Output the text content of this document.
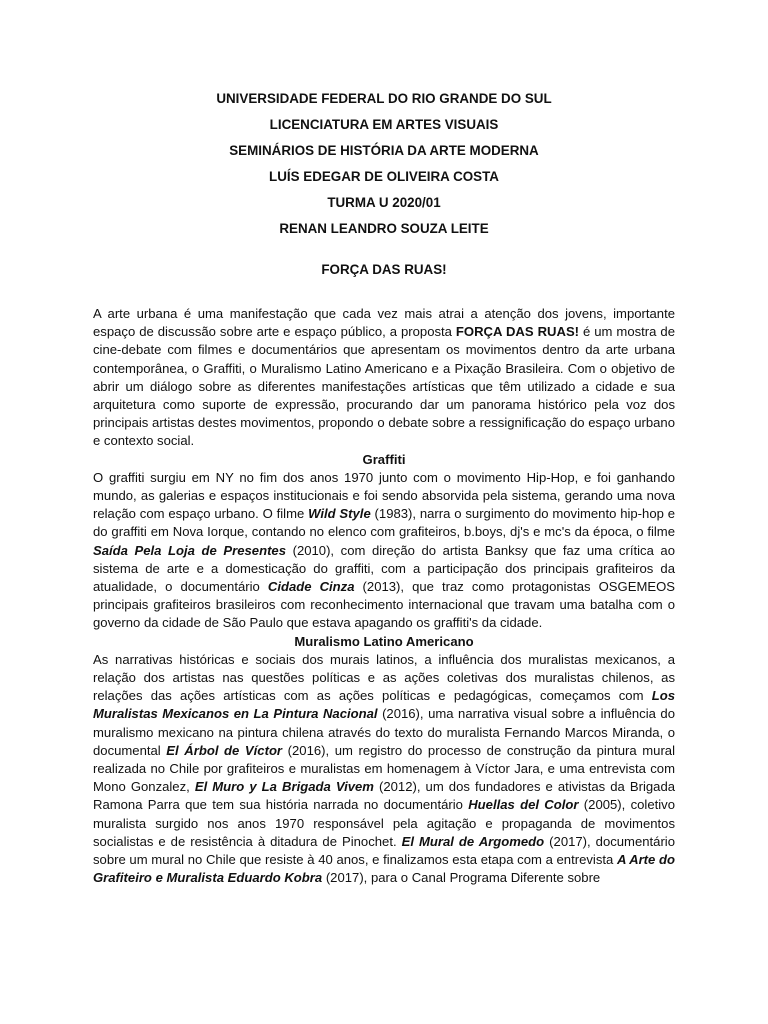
UNIVERSIDADE FEDERAL DO RIO GRANDE DO SUL
LICENCIATURA EM ARTES VISUAIS
SEMINÁRIOS DE HISTÓRIA DA ARTE MODERNA
LUÍS EDEGAR DE OLIVEIRA COSTA
TURMA U 2020/01
RENAN LEANDRO SOUZA LEITE
FORÇA DAS RUAS!

A arte urbana é uma manifestação que cada vez mais atrai a atenção dos jovens, importante espaço de discussão sobre arte e espaço público, a proposta FORÇA DAS RUAS! é um mostra de cine-debate com filmes e documentários que apresentam os movimentos dentro da arte urbana contemporânea, o Graffiti, o Muralismo Latino Americano e a Pixação Brasileira. Com o objetivo de abrir um diálogo sobre as diferentes manifestações artísticas que têm utilizado a cidade e sua arquitetura como suporte de expressão, procurando dar um panorama histórico pela voz dos principais artistas destes movimentos, propondo o debate sobre a ressignificação do espaço urbano e contexto social.

Graffiti

O graffiti surgiu em NY no fim dos anos 1970 junto com o movimento Hip-Hop, e foi ganhando mundo, as galerias e espaços institucionais e foi sendo absorvida pela sistema, gerando uma nova relação com espaço urbano. O filme Wild Style (1983), narra o surgimento do movimento hip-hop e do graffiti em Nova Iorque, contando no elenco com grafiteiros, b.boys, dj's e mc's da época, o filme Saída Pela Loja de Presentes (2010), com direção do artista Banksy que faz uma crítica ao sistema de arte e a domesticação do graffiti, com a participação dos principais grafiteiros da atualidade, o documentário Cidade Cinza (2013), que traz como protagonistas OSGEMEOS principais grafiteiros brasileiros com reconhecimento internacional que travam uma batalha com o governo da cidade de São Paulo que estava apagando os graffiti's da cidade.

Muralismo Latino Americano

As narrativas históricas e sociais dos murais latinos, a influência dos muralistas mexicanos, a relação dos artistas nas questões políticas e as ações coletivas dos muralistas chilenos, as relações das ações artísticas com as ações políticas e pedagógicas, começamos com Los Muralistas Mexicanos en La Pintura Nacional (2016), uma narrativa visual sobre a influência do muralismo mexicano na pintura chilena através do texto do muralista Fernando Marcos Miranda, o documental El Árbol de Víctor (2016), um registro do processo de construção da pintura mural realizada no Chile por grafiteiros e muralistas em homenagem à Víctor Jara, e uma entrevista com Mono Gonzalez, El Muro y La Brigada Vivem (2012), um dos fundadores e ativistas da Brigada Ramona Parra que tem sua história narrada no documentário Huellas del Color (2005), coletivo muralista surgido nos anos 1970 responsável pela agitação e propaganda de movimentos socialistas e de resistência à ditadura de Pinochet. El Mural de Argomedo (2017), documentário sobre um mural no Chile que resiste à 40 anos, e finalizamos esta etapa com a entrevista A Arte do Grafiteiro e Muralista Eduardo Kobra (2017), para o Canal Programa Diferente sobre
